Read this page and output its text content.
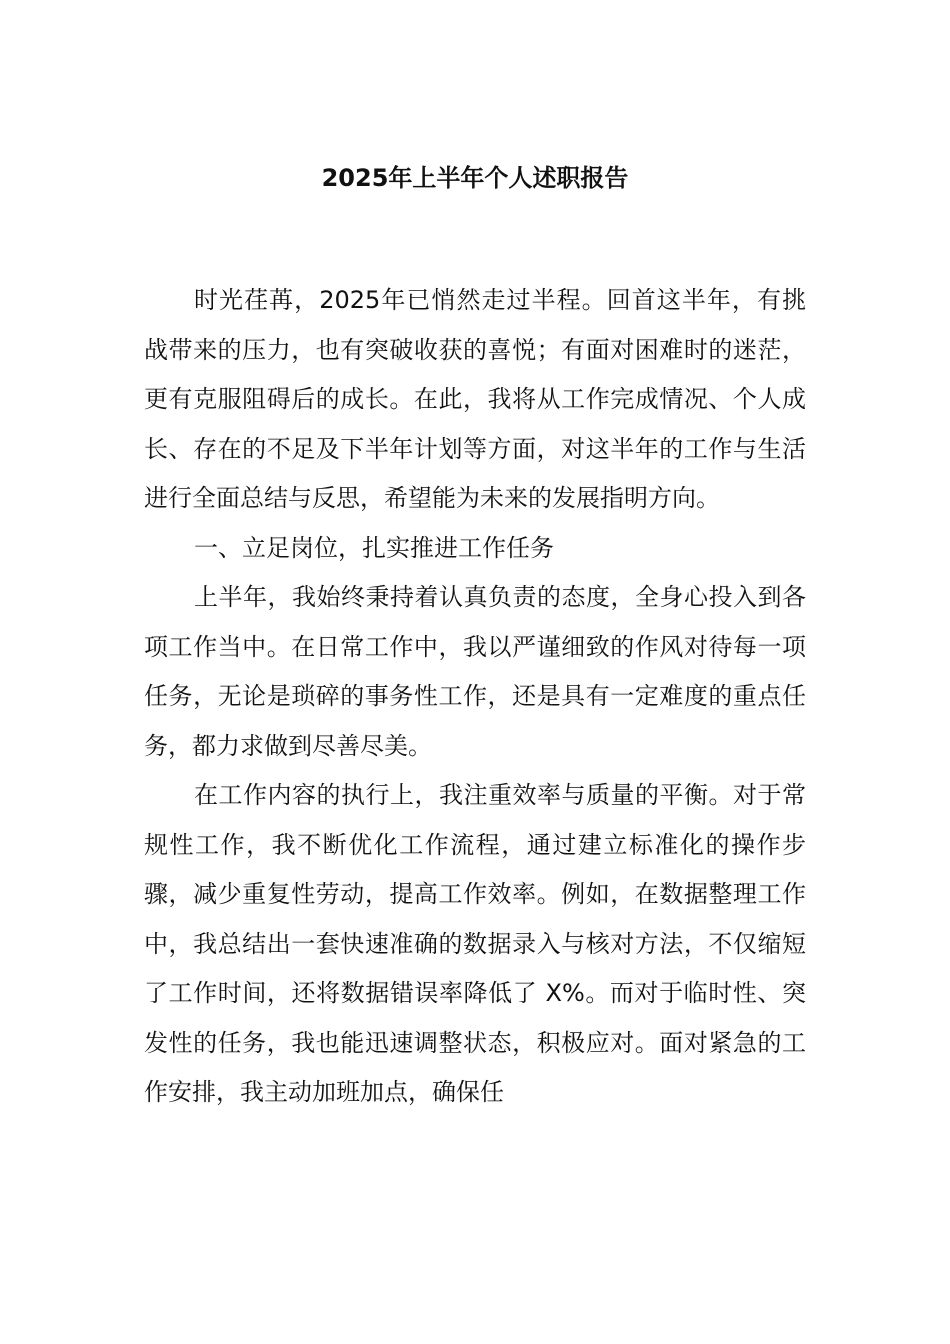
2025年上半年个人述职报告

时光荏苒，2025年已悄然走过半程。回首这半年，有挑战带来的压力，也有突破收获的喜悦；有面对困难时的迷茫，更有克服阻碍后的成长。在此，我将从工作完成情况、个人成长、存在的不足及下半年计划等方面，对这半年的工作与生活进行全面总结与反思，希望能为未来的发展指明方向。

一、立足岗位，扎实推进工作任务

上半年，我始终秉持着认真负责的态度，全身心投入到各项工作当中。在日常工作中，我以严谨细致的作风对待每一项任务，无论是琐碎的事务性工作，还是具有一定难度的重点任务，都力求做到尽善尽美。

在工作内容的执行上，我注重效率与质量的平衡。对于常规性工作，我不断优化工作流程，通过建立标准化的操作步骤，减少重复性劳动，提高工作效率。例如，在数据整理工作中，我总结出一套快速准确的数据录入与核对方法，不仅缩短了工作时间，还将数据错误率降低了 X%。而对于临时性、突发性的任务，我也能迅速调整状态，积极应对。面对紧急的工作安排，我主动加班加点，确保任
